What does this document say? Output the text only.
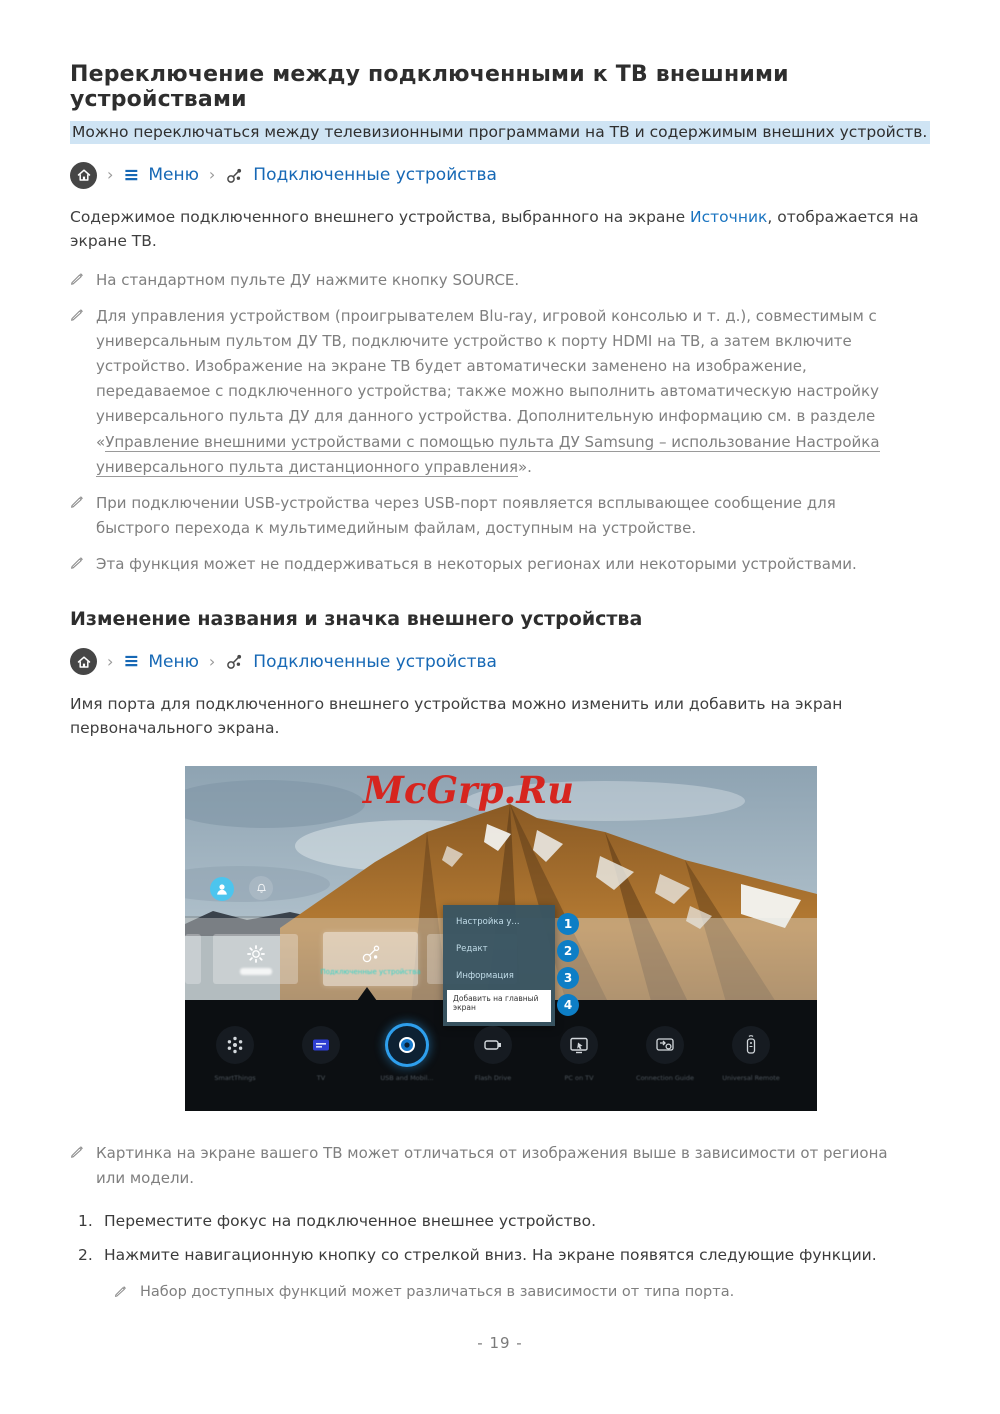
Переключение между подключенными к ТВ внешними устройствами
Можно переключаться между телевизионными программами на ТВ и содержимым внешних устройств.
› ≡ Меню › Подключенные устройства
Содержимое подключенного внешнего устройства, выбранного на экране Источник, отображается на экране ТВ.
На стандартном пульте ДУ нажмите кнопку SOURCE.
Для управления устройством (проигрывателем Blu-ray, игровой консолью и т. д.), совместимым с универсальным пультом ДУ ТВ, подключите устройство к порту HDMI на ТВ, а затем включите устройство. Изображение на экране ТВ будет автоматически заменено на изображение, передаваемое с подключенного устройства; также можно выполнить автоматическую настройку универсального пульта ДУ для данного устройства. Дополнительную информацию см. в разделе «Управление внешними устройствами с помощью пульта ДУ Samsung – использование Настройка универсального пульта дистанционного управления».
При подключении USB-устройства через USB-порт появляется всплывающее сообщение для быстрого перехода к мультимедийным файлам, доступным на устройстве.
Эта функция может не поддерживаться в некоторых регионах или некоторыми устройствами.
Изменение названия и значка внешнего устройства
› ≡ Меню › Подключенные устройства
Имя порта для подключенного внешнего устройства можно изменить или добавить на экран первоначального экрана.
McGrp.Ru
Подключенные устройства
Настройка у...
Редакт
Информация
Добавить на главный экран
1
2
3
4
SmartThings	TV	USB and Mobil...	Flash Drive	PC on TV	Connection Guide	Universal Remote
Картинка на экране вашего ТВ может отличаться от изображения выше в зависимости от региона или модели.
1. Переместите фокус на подключенное внешнее устройство.
2. Нажмите навигационную кнопку со стрелкой вниз. На экране появятся следующие функции.
Набор доступных функций может различаться в зависимости от типа порта.
- 19 -
